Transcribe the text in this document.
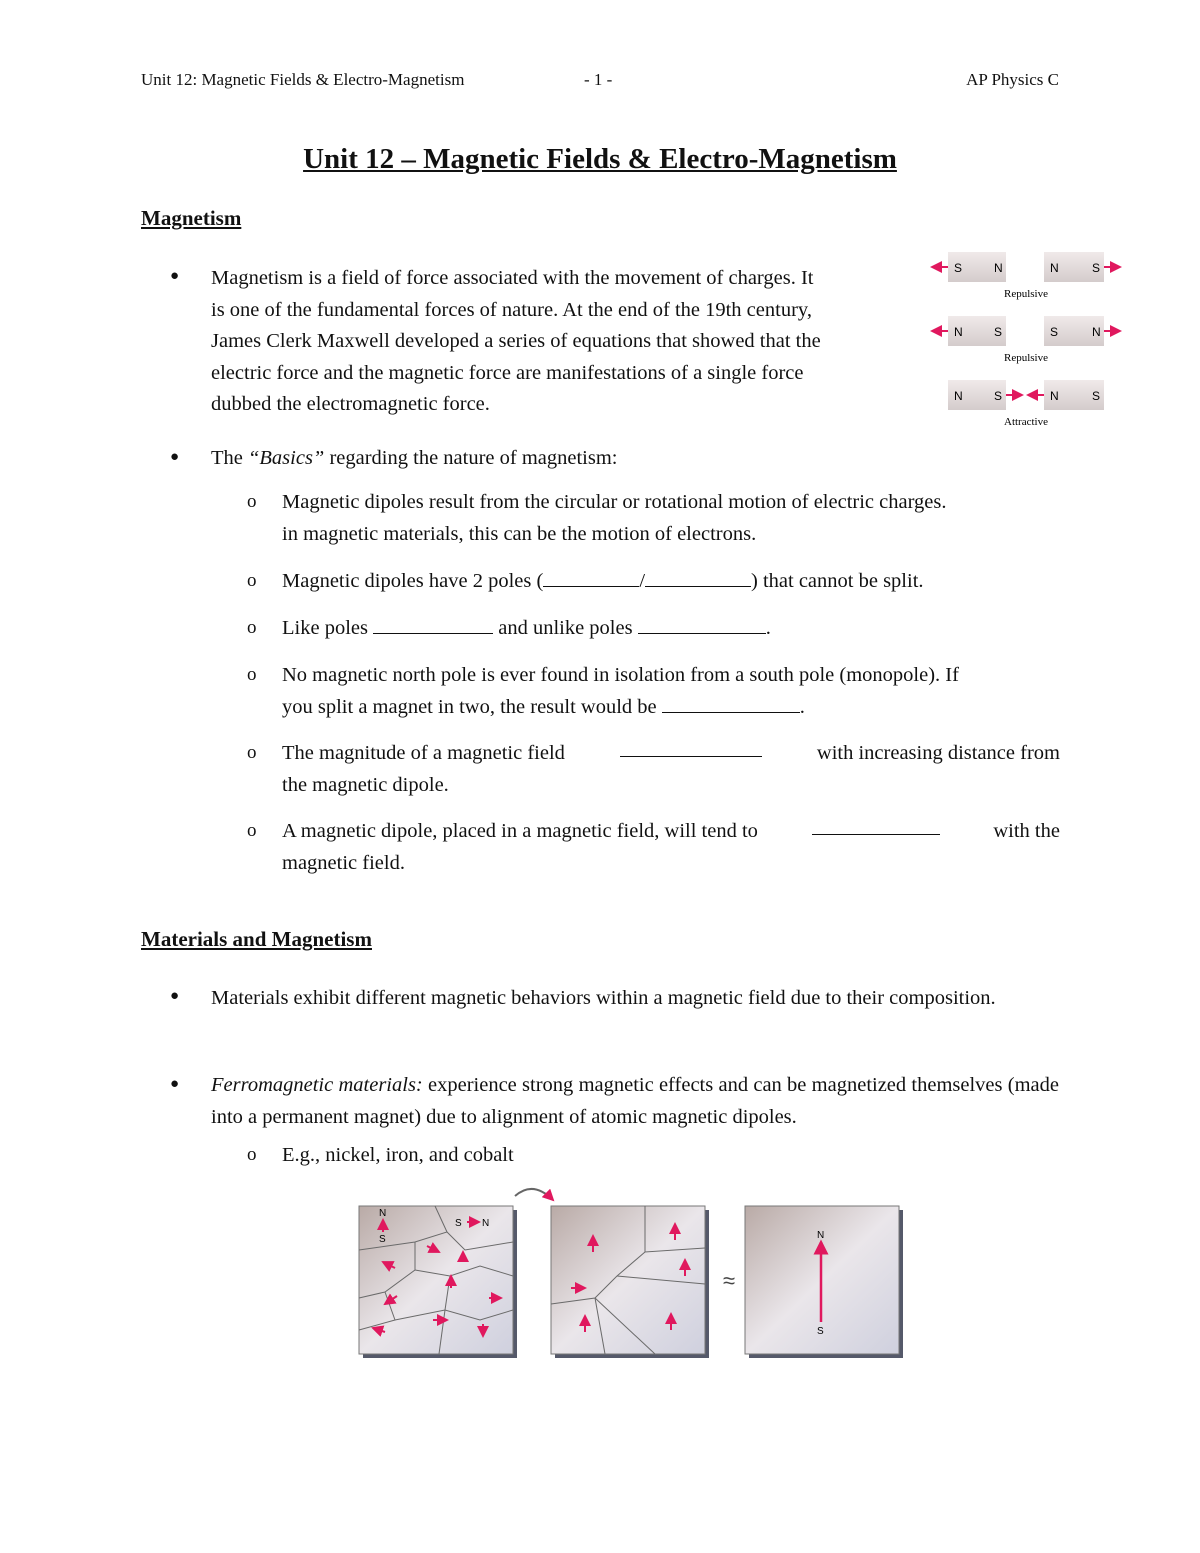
Unit 12: Magnetic Fields & Electro-Magnetism	- 1 -	AP Physics C
Unit 12 – Magnetic Fields & Electro-Magnetism
Magnetism
● Magnetism is a field of force associated with the movement of charges. It
is one of the fundamental forces of nature. At the end of the 19th century,
James Clerk Maxwell developed a series of equations that showed that the
electric force and the magnetic force are manifestations of a single force
dubbed the electromagnetic force.
S	N	N	S
Repulsive
N	S	S	N
Repulsive
N	S	N	S
Attractive
● The “Basics” regarding the nature of magnetism:
o Magnetic dipoles result from the circular or rotational motion of electric charges.
in magnetic materials, this can be the motion of electrons.
o Magnetic dipoles have 2 poles (	/	) that cannot be split.
o Like poles	and unlike poles	.
o No magnetic north pole is ever found in isolation from a south pole (monopole). If
you split a magnet in two, the result would be	.
o The magnitude of a magnetic field	with increasing distance from
the magnetic dipole.
o A magnetic dipole, placed in a magnetic field, will tend to	with the
magnetic field.
Materials and Magnetism
● Materials exhibit different magnetic behaviors within a magnetic field due to their composition.
● Ferromagnetic materials: experience strong magnetic effects and can be magnetized themselves (made into a permanent magnet) due to alignment of atomic magnetic dipoles.
o E.g., nickel, iron, and cobalt
N
S
S N
≈
N
S
